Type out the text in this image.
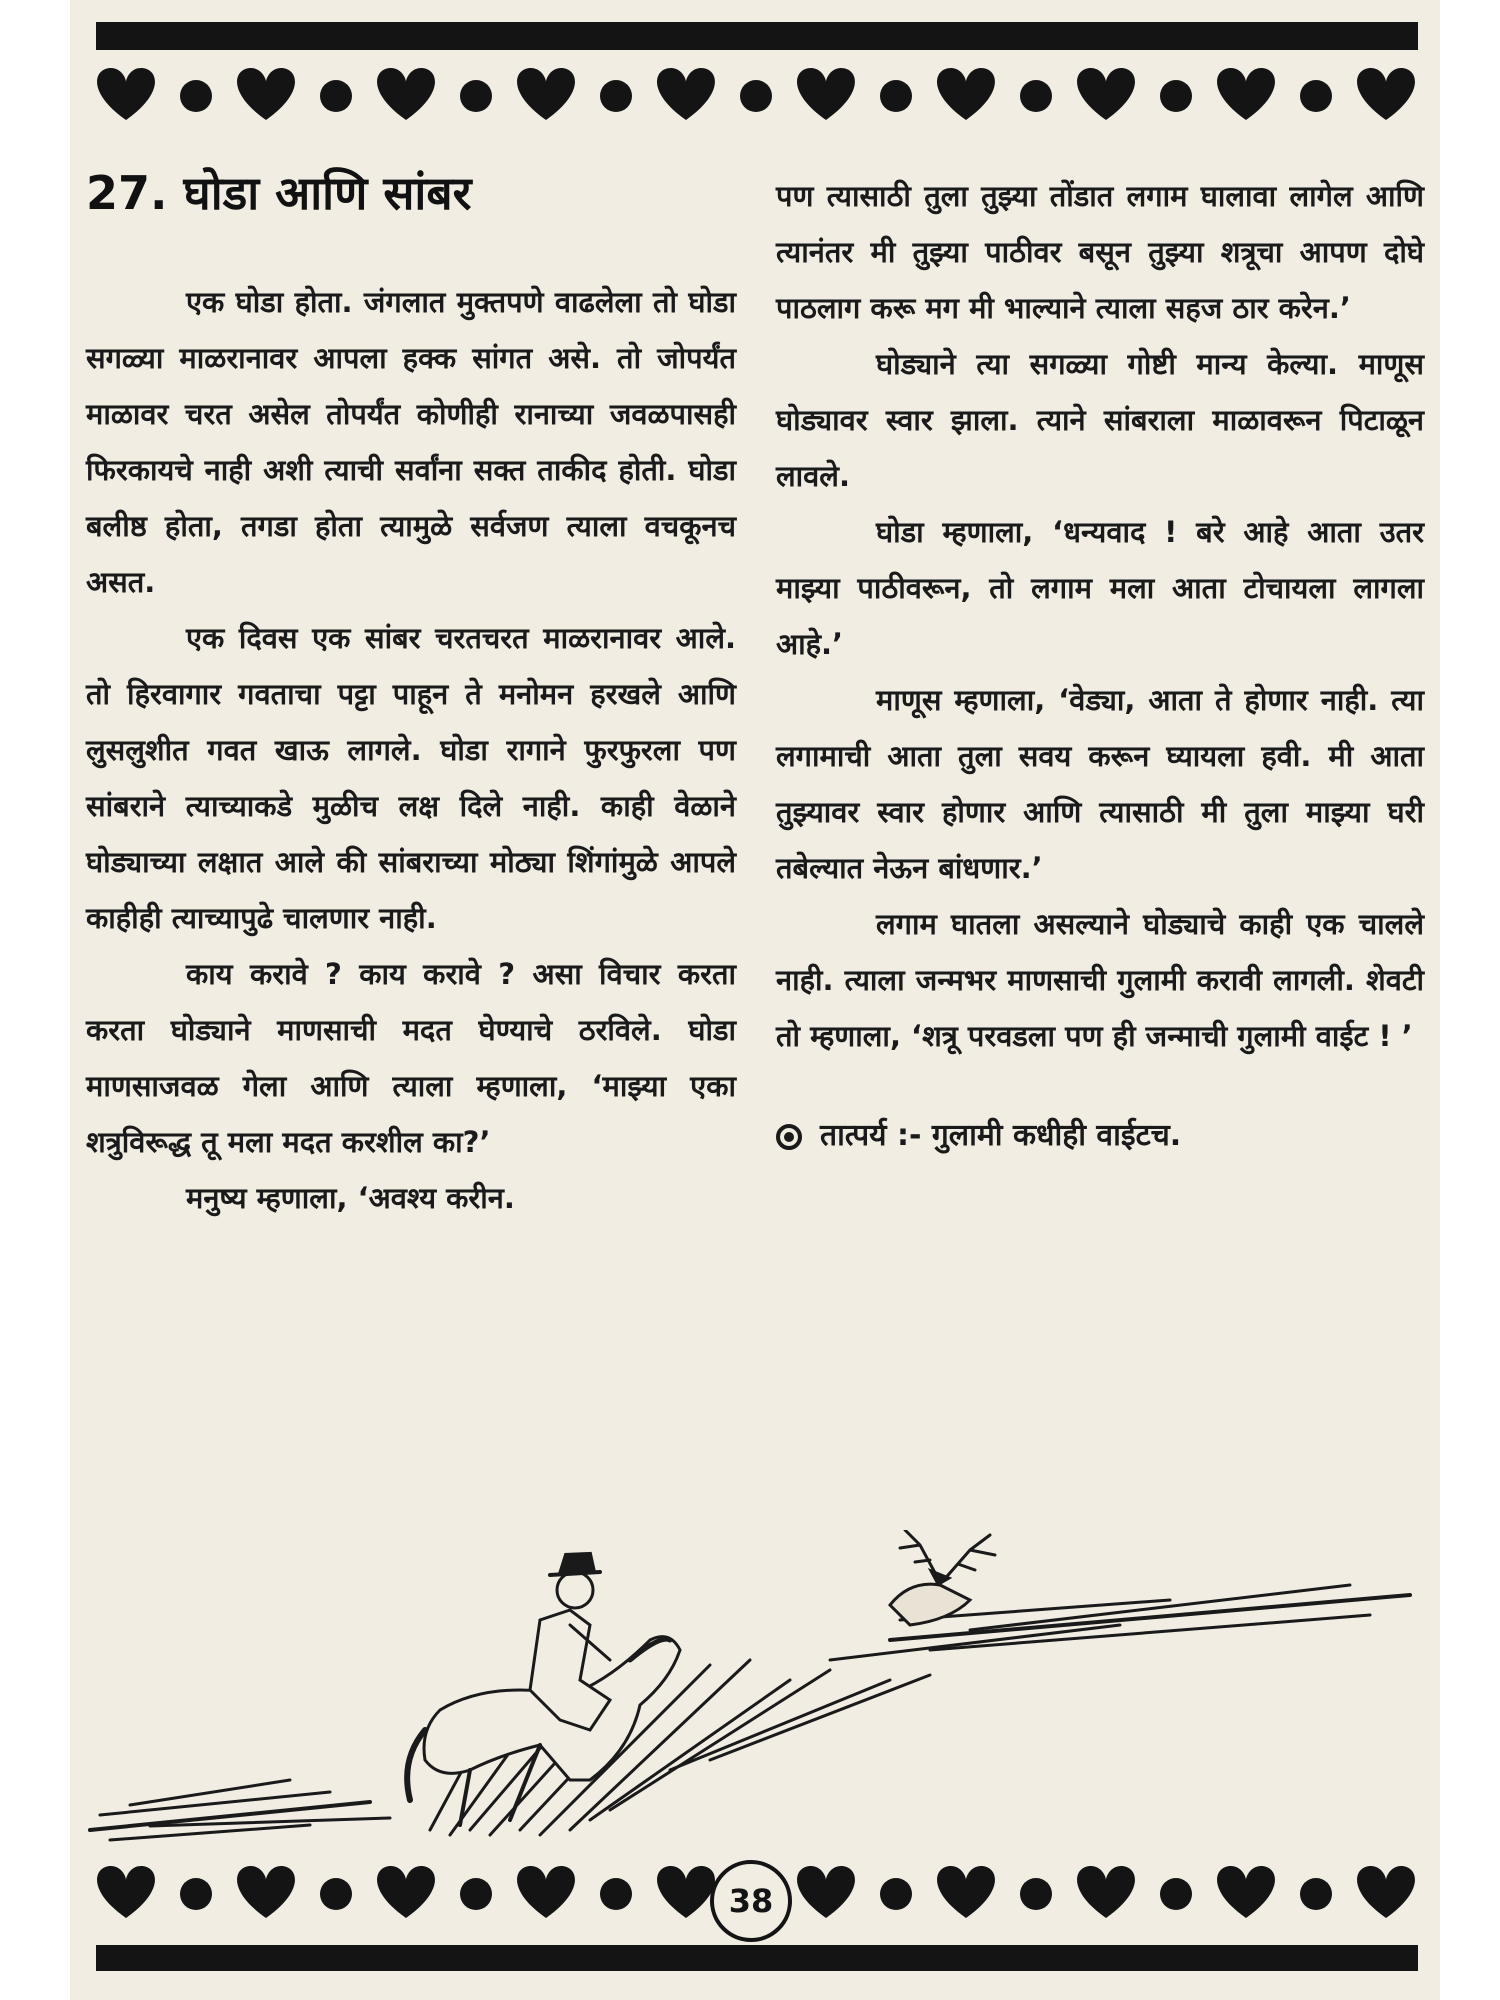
27. घोडा आणि सांबर

एक घोडा होता. जंगलात मुक्तपणे वाढलेला तो घोडा सगळ्या माळरानावर आपला हक्क सांगत असे. तो जोपर्यंत माळावर चरत असेल तोपर्यंत कोणीही रानाच्या जवळपासही फिरकायचे नाही अशी त्याची सर्वांना सक्त ताकीद होती. घोडा बलीष्ठ होता, तगडा होता त्यामुळे सर्वजण त्याला वचकूनच असत.

एक दिवस एक सांबर चरतचरत माळरानावर आले. तो हिरवागार गवताचा पट्टा पाहून ते मनोमन हरखले आणि लुसलुशीत गवत खाऊ लागले. घोडा रागाने फुरफुरला पण सांबराने त्याच्याकडे मुळीच लक्ष दिले नाही. काही वेळाने घोड्याच्या लक्षात आले की सांबराच्या मोठ्या शिंगांमुळे आपले काहीही त्याच्यापुढे चालणार नाही.

काय करावे ? काय करावे ? असा विचार करता करता घोड्याने माणसाची मदत घेण्याचे ठरविले. घोडा माणसाजवळ गेला आणि त्याला म्हणाला, ‘माझ्या एका शत्रुविरूद्ध तू मला मदत करशील का?’

मनुष्य म्हणाला, ‘अवश्य करीन.

पण त्यासाठी तुला तुझ्या तोंडात लगाम घालावा लागेल आणि त्यानंतर मी तुझ्या पाठीवर बसून तुझ्या शत्रूचा आपण दोघे पाठलाग करू मग मी भाल्याने त्याला सहज ठार करेन.’

घोड्याने त्या सगळ्या गोष्टी मान्य केल्या. माणूस घोड्यावर स्वार झाला. त्याने सांबराला माळावरून पिटाळून लावले.

घोडा म्हणाला, ‘धन्यवाद ! बरे आहे आता उतर माझ्या पाठीवरून, तो लगाम मला आता टोचायला लागला आहे.’

माणूस म्हणाला, ‘वेड्या, आता ते होणार नाही. त्या लगामाची आता तुला सवय करून घ्यायला हवी. मी आता तुझ्यावर स्वार होणार आणि त्यासाठी मी तुला माझ्या घरी तबेल्यात नेऊन बांधणार.’

लगाम घातला असल्याने घोड्याचे काही एक चालले नाही. त्याला जन्मभर माणसाची गुलामी करावी लागली. शेवटी तो म्हणाला, ‘शत्रू परवडला पण ही जन्माची गुलामी वाईट ! ’

तात्पर्य :- गुलामी कधीही वाईटच.

38
